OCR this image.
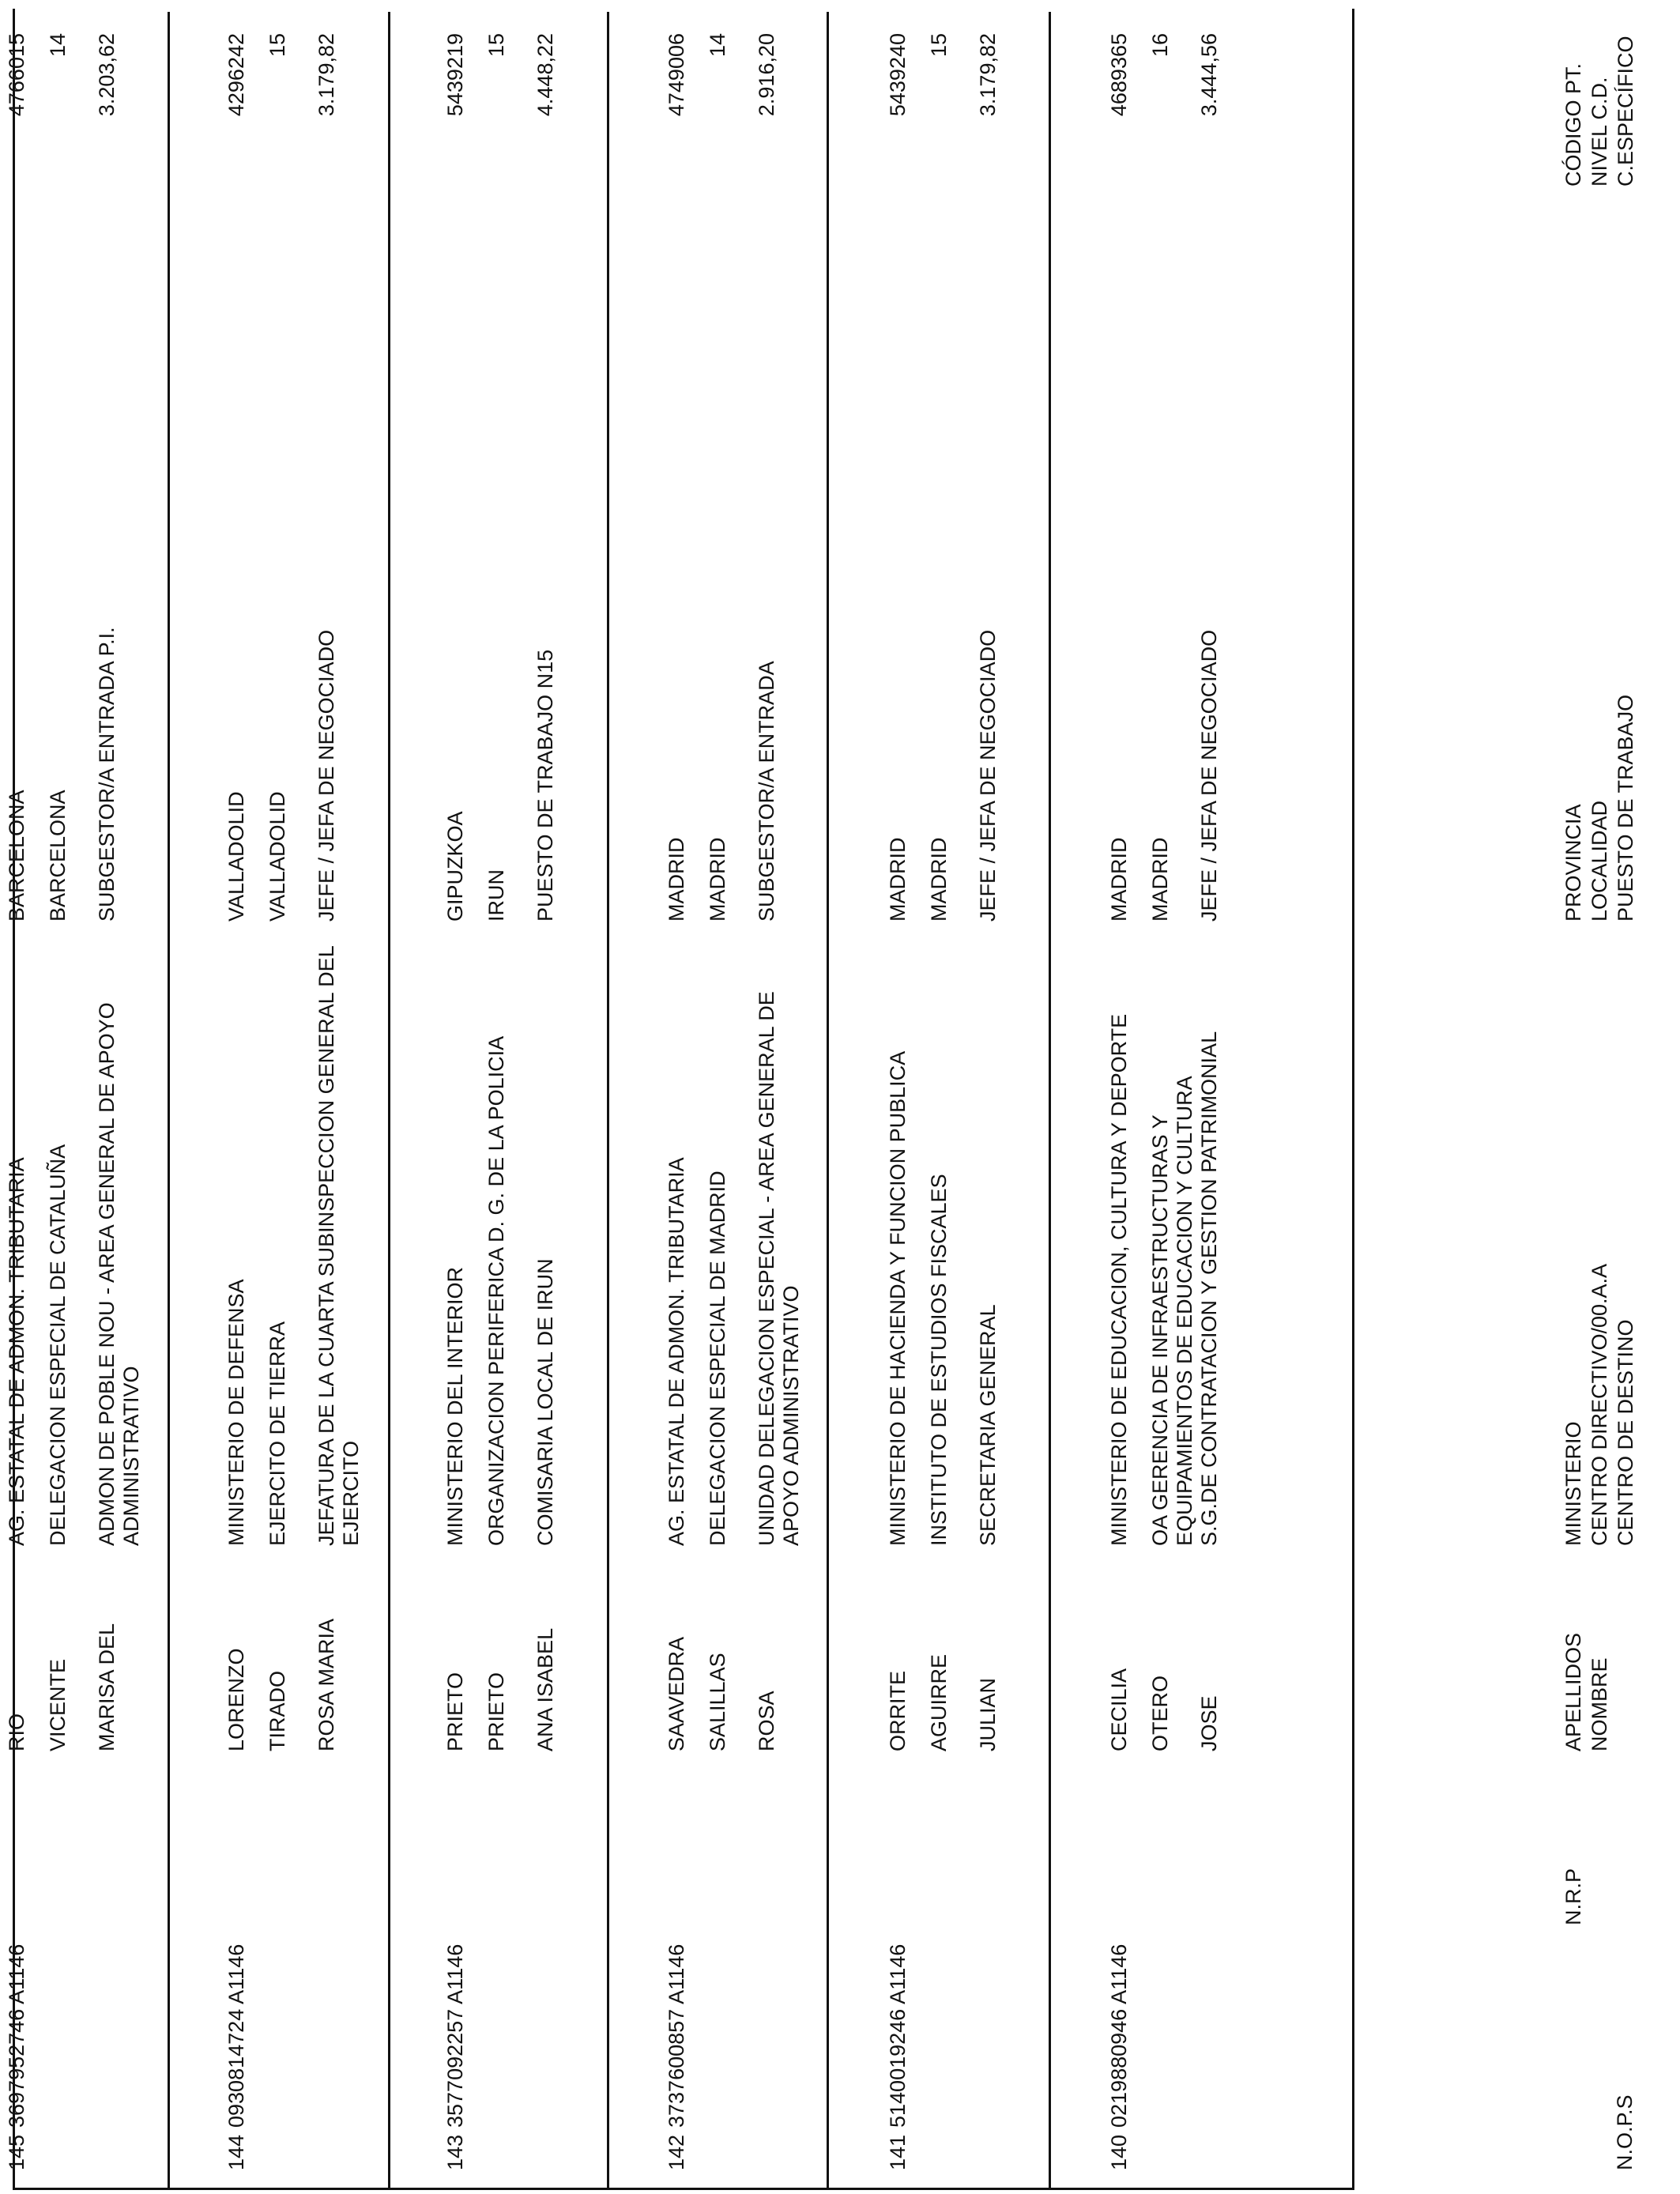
N.O.P.S
N.R.P
APELLIDOS NOMBRE
MINISTERIO CENTRO DIRECTIVO/00.A.A CENTRO DE DESTINO
PROVINCIA LOCALIDAD PUESTO DE TRABAJO
CÓDIGO PT. NIVEL C.D. C.ESPECÍFICO
140
0219880946 A1146
CECILIA OTERO JOSE
MINISTERIO DE EDUCACION, CULTURA Y DEPORTE OA GERENCIA DE INFRAESTRUCTURAS Y EQUIPAMIENTOS DE EDUCACION Y CULTURA S.G.DE CONTRATACION Y GESTION PATRIMONIAL
MADRID MADRID JEFE / JEFA DE NEGOCIADO
4689365 16 3.444,56
141
5140019246 A1146
ORRITE AGUIRRE JULIAN
MINISTERIO DE HACIENDA Y FUNCION PUBLICA INSTITUTO DE ESTUDIOS FISCALES SECRETARIA GENERAL
MADRID MADRID JEFE / JEFA DE NEGOCIADO
5439240 15 3.179,82
142
3737600857 A1146
SAAVEDRA SALILLAS ROSA
AG. ESTATAL DE ADMON. TRIBUTARIA DELEGACION ESPECIAL DE MADRID UNIDAD DELEGACION ESPECIAL - AREA GENERAL DE APOYO ADMINISTRATIVO
MADRID MADRID SUBGESTOR/A ENTRADA
4749006 14 2.916,20
143
3577092257 A1146
PRIETO PRIETO ANA ISABEL
MINISTERIO DEL INTERIOR ORGANIZACION PERIFERICA D. G. DE LA POLICIA COMISARIA LOCAL DE IRUN
GIPUZKOA IRUN PUESTO DE TRABAJO N15
5439219 15 4.448,22
144
0930814724 A1146
LORENZO TIRADO ROSA MARIA
MINISTERIO DE DEFENSA EJERCITO DE TIERRA JEFATURA DE LA CUARTA SUBINSPECCION GENERAL DEL EJERCITO
VALLADOLID VALLADOLID JEFE / JEFA DE NEGOCIADO
4296242 15 3.179,82
145
3697952746 A1146
RIO VICENTE MARISA DEL
AG. ESTATAL DE ADMON. TRIBUTARIA DELEGACION ESPECIAL DE CATALUÑA ADMON DE POBLE NOU - AREA GENERAL DE APOYO ADMINISTRATIVO
BARCELONA BARCELONA SUBGESTOR/A ENTRADA P.I.
4766015 14 3.203,62
